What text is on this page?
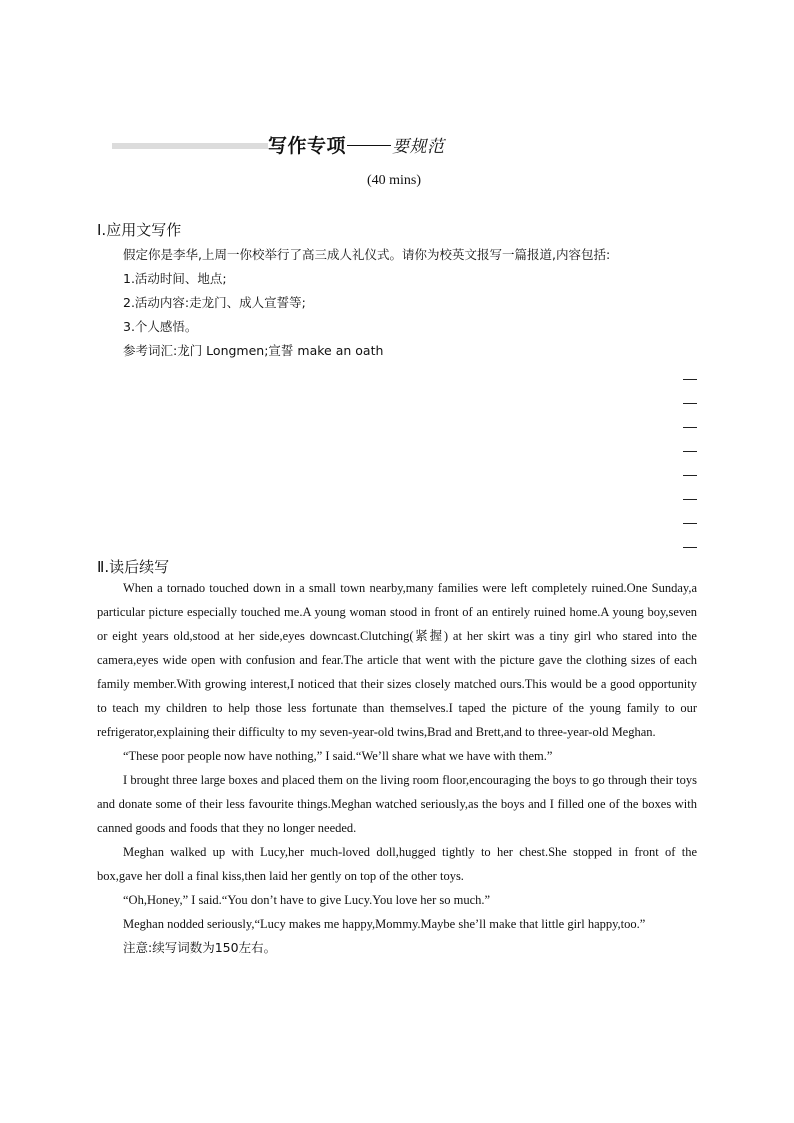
写作专项	要规范
(40 mins)
Ⅰ.应用文写作
假定你是李华,上周一你校举行了高三成人礼仪式。请你为校英文报写一篇报道,内容包括:
1.活动时间、地点;
2.活动内容:走龙门、成人宣誓等;
3.个人感悟。
参考词汇:龙门 Longmen;宣誓 make an oath
Ⅱ.读后续写

When a tornado touched down in a small town nearby,many families were left completely ruined.One Sunday,a particular picture especially touched me.A young woman stood in front of an entirely ruined home.A young boy,seven or eight years old,stood at her side,eyes downcast.Clutching(紧握) at her skirt was a tiny girl who stared into the camera,eyes wide open with confusion and fear.The article that went with the picture gave the clothing sizes of each family member.With growing interest,I noticed that their sizes closely matched ours.This would be a good opportunity to teach my children to help those less fortunate than themselves.I taped the picture of the young family to our refrigerator,explaining their difficulty to my seven-year-old twins,Brad and Brett,and to three-year-old Meghan.

“These poor people now have nothing,” I said.“We’ll share what we have with them.”

I brought three large boxes and placed them on the living room floor,encouraging the boys to go through their toys and donate some of their less favourite things.Meghan watched seriously,as the boys and I filled one of the boxes with canned goods and foods that they no longer needed.

Meghan walked up with Lucy,her much-loved doll,hugged tightly to her chest.She stopped in front of the box,gave her doll a final kiss,then laid her gently on top of the other toys.

“Oh,Honey,” I said.“You don’t have to give Lucy.You love her so much.”

Meghan nodded seriously,“Lucy makes me happy,Mommy.Maybe she’ll make that little girl happy,too.”

注意:续写词数为150左右。
